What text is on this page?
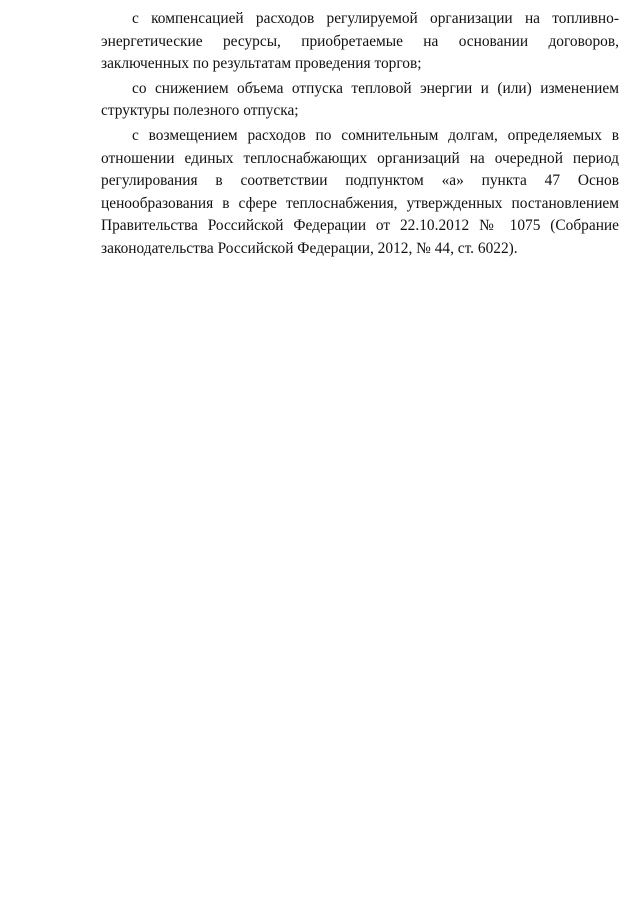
с компенсацией расходов регулируемой организации на топливно-энергетические ресурсы, приобретаемые на основании договоров, заключенных по результатам проведения торгов;

со снижением объема отпуска тепловой энергии и (или) изменением структуры полезного отпуска;

с возмещением расходов по сомнительным долгам, определяемых в отношении единых теплоснабжающих организаций на очередной период регулирования в соответствии подпунктом «а» пункта 47 Основ ценообразования в сфере теплоснабжения, утвержденных постановлением Правительства Российской Федерации от 22.10.2012 № 1075 (Собрание законодательства Российской Федерации, 2012, № 44, ст. 6022).
